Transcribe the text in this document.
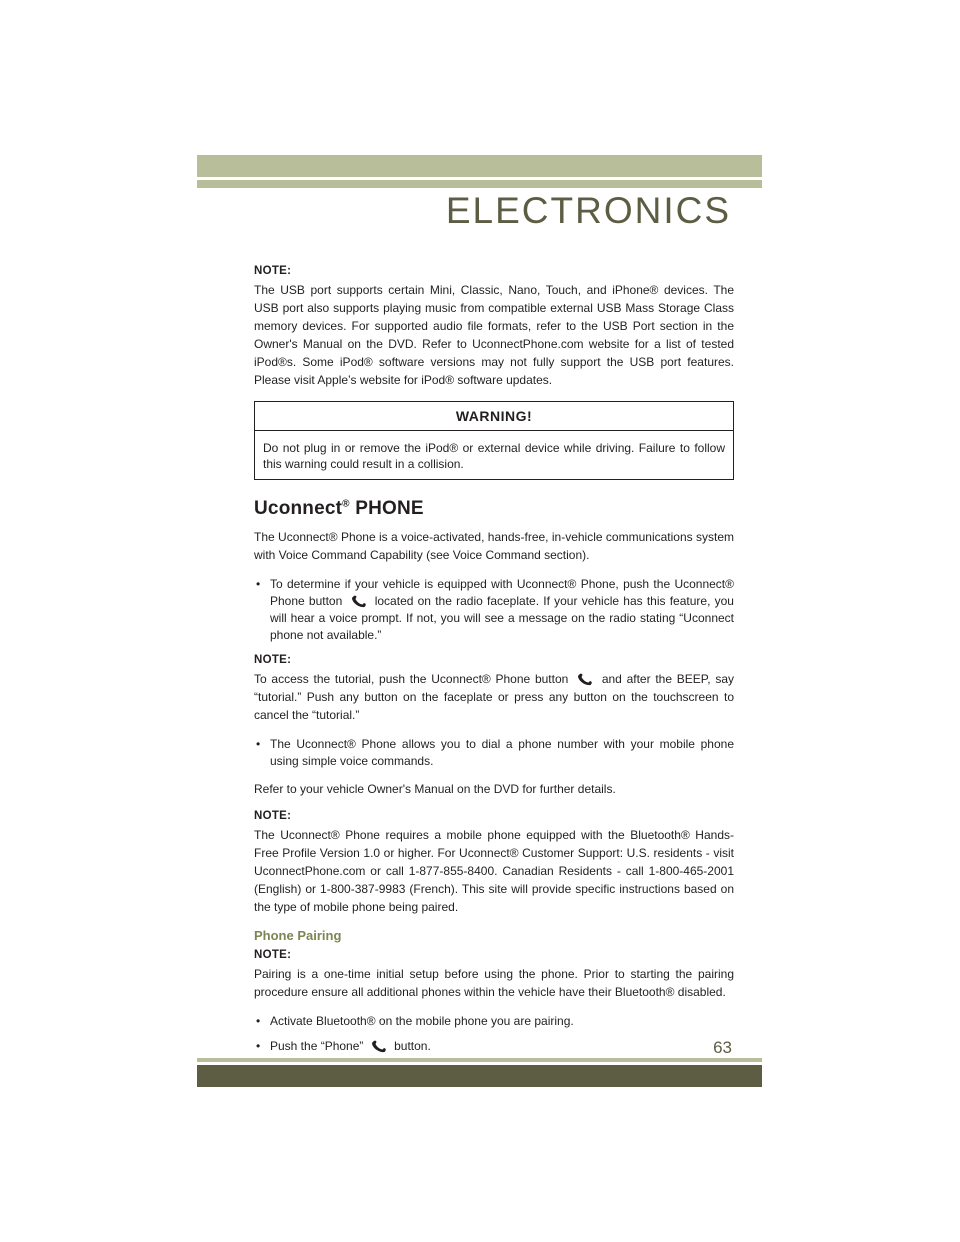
ELECTRONICS
NOTE:

The USB port supports certain Mini, Classic, Nano, Touch, and iPhone® devices. The USB port also supports playing music from compatible external USB Mass Storage Class memory devices. For supported audio file formats, refer to the USB Port section in the Owner's Manual on the DVD. Refer to UconnectPhone.com website for a list of tested iPod®s. Some iPod® software versions may not fully support the USB port features. Please visit Apple’s website for iPod® software updates.

WARNING!
Do not plug in or remove the iPod® or external device while driving. Failure to follow this warning could result in a collision.
Uconnect® PHONE

The Uconnect® Phone is a voice-activated, hands-free, in-vehicle communications system with Voice Command Capability (see Voice Command section).

• To determine if your vehicle is equipped with Uconnect® Phone, push the Uconnect® Phone button	located on the radio faceplate. If your vehicle has this feature, you will hear a voice prompt. If not, you will see a message on the radio stating “Uconnect phone not available.”
NOTE:

To access the tutorial, push the Uconnect® Phone button	and after the BEEP, say “tutorial.” Push any button on the faceplate or press any button on the touchscreen to cancel the “tutorial.”

• The Uconnect® Phone allows you to dial a phone number with your mobile phone using simple voice commands.

Refer to your vehicle Owner's Manual on the DVD for further details.

NOTE:

The Uconnect® Phone requires a mobile phone equipped with the Bluetooth® Hands-Free Profile Version 1.0 or higher. For Uconnect® Customer Support: U.S. residents - visit UconnectPhone.com or call 1-877-855-8400. Canadian Residents - call 1-800-465-2001 (English) or 1-800-387-9983 (French). This site will provide specific instructions based on the type of mobile phone being paired.

Phone Pairing
NOTE:

Pairing is a one-time initial setup before using the phone. Prior to starting the pairing procedure ensure all additional phones within the vehicle have their Bluetooth® disabled.

• Activate Bluetooth® on the mobile phone you are pairing.
• Push the “Phone”	button.
•	63
